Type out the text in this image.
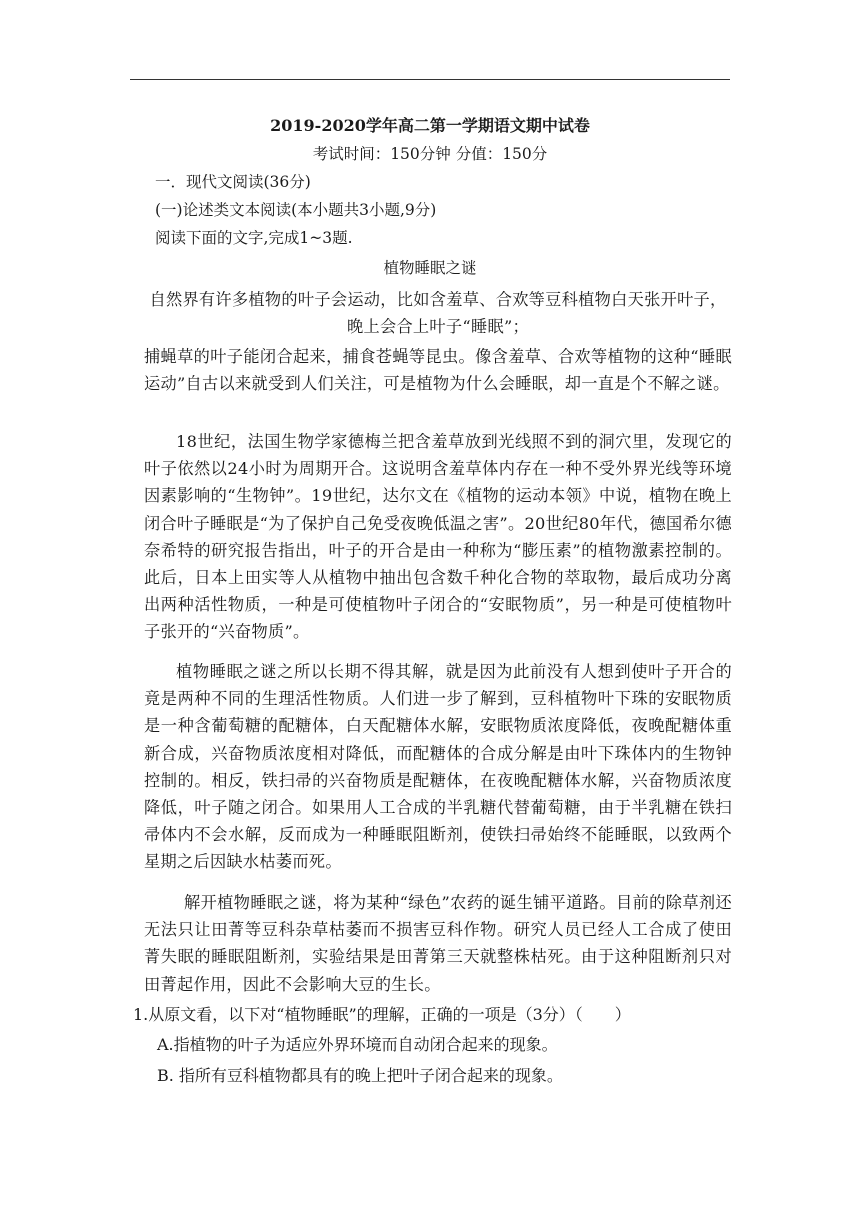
2019-2020学年高二第一学期语文期中试卷
考试时间：150分钟 分值：150分
一．现代文阅读(36分)
(一)论述类文本阅读(本小题共3小题,9分)
阅读下面的文字,完成1~3题.
植物睡眠之谜
自然界有许多植物的叶子会运动，比如含羞草、合欢等豆科植物白天张开叶子，晚上会合上叶子“睡眠”；
捕蝇草的叶子能闭合起来，捕食苍蝇等昆虫。像含羞草、合欢等植物的这种“睡眠运动”自古以来就受到人们关注，可是植物为什么会睡眠，却一直是个不解之谜。
18世纪，法国生物学家德梅兰把含羞草放到光线照不到的洞穴里，发现它的叶子依然以24小时为周期开合。这说明含羞草体内存在一种不受外界光线等环境因素影响的“生物钟”。19世纪，达尔文在《植物的运动本领》中说，植物在晚上闭合叶子睡眠是“为了保护自己免受夜晚低温之害”。20世纪80年代，德国希尔德奈希特的研究报告指出，叶子的开合是由一种称为“膨压素”的植物激素控制的。此后，日本上田实等人从植物中抽出包含数千种化合物的萃取物，最后成功分离出两种活性物质，一种是可使植物叶子闭合的“安眠物质”，另一种是可使植物叶子张开的“兴奋物质”。
植物睡眠之谜之所以长期不得其解，就是因为此前没有人想到使叶子开合的竟是两种不同的生理活性物质。人们进一步了解到，豆科植物叶下珠的安眠物质是一种含葡萄糖的配糖体，白天配糖体水解，安眠物质浓度降低，夜晚配糖体重新合成，兴奋物质浓度相对降低，而配糖体的合成分解是由叶下珠体内的生物钟控制的。相反，铁扫帚的兴奋物质是配糖体，在夜晚配糖体水解，兴奋物质浓度降低，叶子随之闭合。如果用人工合成的半乳糖代替葡萄糖，由于半乳糖在铁扫帚体内不会水解，反而成为一种睡眠阻断剂，使铁扫帚始终不能睡眠，以致两个星期之后因缺水枯萎而死。
解开植物睡眠之谜，将为某种“绿色”农药的诞生铺平道路。目前的除草剂还无法只让田菁等豆科杂草枯萎而不损害豆科作物。研究人员已经人工合成了使田菁失眠的睡眠阻断剂，实验结果是田菁第三天就整株枯死。由于这种阻断剂只对田菁起作用，因此不会影响大豆的生长。
1.从原文看，以下对“植物睡眠”的理解，正确的一项是（3分）（　　）
A.指植物的叶子为适应外界环境而自动闭合起来的现象。
B. 指所有豆科植物都具有的晚上把叶子闭合起来的现象。
